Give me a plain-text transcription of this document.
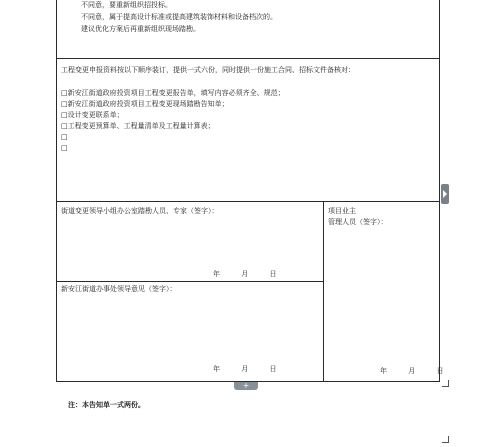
不同意，要重新组织招投标。
不同意，属于提高设计标准或提高建筑装饰材料和设备档次的。
建议优化方案后再重新组织现场踏勘。
工程变更申报资料按以下顺序装订，提供一式六份，同时提供一份施工合同、招标文件备核对：
□新安江街道政府投资项目工程变更报告单，填写内容必须齐全、规范；
□新安江街道政府投资项目工程变更现场踏勘告知单；
□设计变更联系单；
□工程变更预算单、工程量清单及工程量计算表；
□
□
街道变更领导小组办公室踏勘人员、专家（签字）：
年	月	日
新安江街道办事处领导意见（签字）：
年	月	日
项目业主
管理人员（签字）：
年	月	日
+
注：本告知单一式两份。
